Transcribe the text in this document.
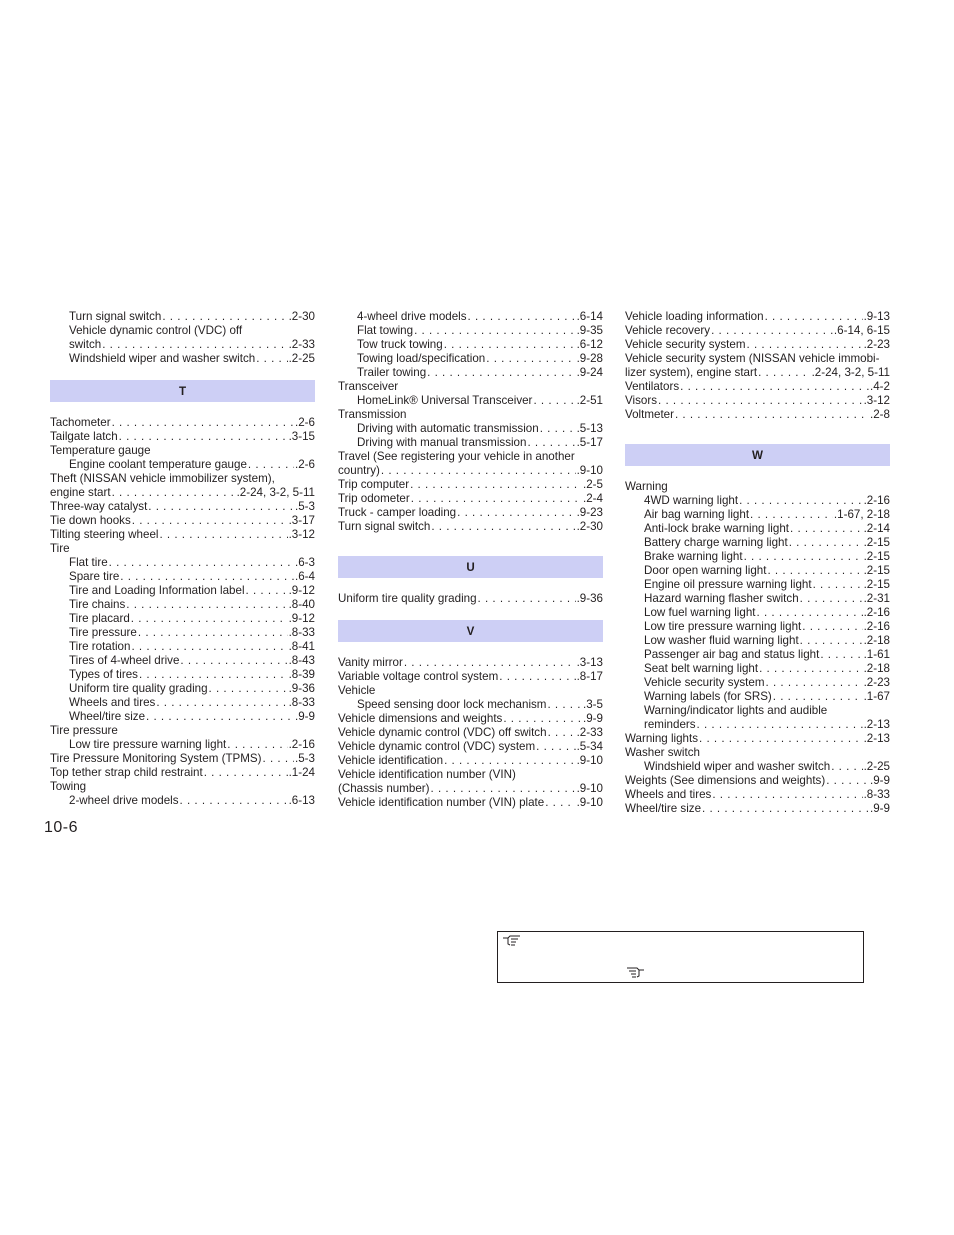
Turn signal switch . . .	.2-30
Vehicle dynamic control (VDC) off
switch . . .	.2-33
Windshield wiper and washer switch . . .	.2-25
T
Tachometer . . .	.2-6
Tailgate latch . . .	.3-15
Temperature gauge
Engine coolant temperature gauge . . .	.2-6
Theft (NISSAN vehicle immobilizer system),
engine start . . .	.2-24, 3-2, 5-11
Three-way catalyst . . .	.5-3
Tie down hooks . . .	.3-17
Tilting steering wheel . . .	.3-12
Tire
Flat tire . . .	.6-3
Spare tire . . .	.6-4
Tire and Loading Information label . . .	.9-12
Tire chains . . .	.8-40
Tire placard . . .	.9-12
Tire pressure . . .	.8-33
Tire rotation . . .	.8-41
Tires of 4-wheel drive . . .	.8-43
Types of tires . . .	.8-39
Uniform tire quality grading . . .	.9-36
Wheels and tires . . .	.8-33
Wheel/tire size . . .	.9-9
Tire pressure
Low tire pressure warning light . . .	.2-16
Tire Pressure Monitoring System (TPMS) . . .	.5-3
Top tether strap child restraint . . .	.1-24
Towing
2-wheel drive models . . .	.6-13
4-wheel drive models . . .	.6-14
Flat towing . . .	.9-35
Tow truck towing . . .	.6-12
Towing load/specification . . .	.9-28
Trailer towing . . .	.9-24
Transceiver
HomeLink® Universal Transceiver . . .	.2-51
Transmission
Driving with automatic transmission . . .	.5-13
Driving with manual transmission . . .	.5-17
Travel (See registering your vehicle in another
country) . . .	.9-10
Trip computer . . .	.2-5
Trip odometer . . .	.2-4
Truck - camper loading . . .	.9-23
Turn signal switch . . .	.2-30
U
Uniform tire quality grading . . .	.9-36
V
Vanity mirror . . .	.3-13
Variable voltage control system . . .	.8-17
Vehicle
Speed sensing door lock mechanism . . .	.3-5
Vehicle dimensions and weights . . .	.9-9
Vehicle dynamic control (VDC) off switch . . .	.2-33
Vehicle dynamic control (VDC) system . . .	.5-34
Vehicle identification . . .	.9-10
Vehicle identification number (VIN)
(Chassis number) . . .	.9-10
Vehicle identification number (VIN) plate . . .	.9-10
Vehicle loading information . . .	.9-13
Vehicle recovery . . .	.6-14, 6-15
Vehicle security system . . .	.2-23
Vehicle security system (NISSAN vehicle immobi-
lizer system), engine start . . .	.2-24, 3-2, 5-11
Ventilators . . .	.4-2
Visors . . .	.3-12
Voltmeter . . .	.2-8
W
Warning
4WD warning light . . .	.2-16
Air bag warning light . . .	.1-67, 2-18
Anti-lock brake warning light . . .	.2-14
Battery charge warning light . . .	.2-15
Brake warning light . . .	.2-15
Door open warning light . . .	.2-15
Engine oil pressure warning light . . .	.2-15
Hazard warning flasher switch . . .	.2-31
Low fuel warning light . . .	.2-16
Low tire pressure warning light . . .	.2-16
Low washer fluid warning light . . .	.2-18
Passenger air bag and status light . . .	.1-61
Seat belt warning light . . .	.2-18
Vehicle security system . . .	.2-23
Warning labels (for SRS) . . .	.1-67
Warning/indicator lights and audible
reminders . . .	.2-13
Warning lights . . .	.2-13
Washer switch
Windshield wiper and washer switch . . .	.2-25
Weights (See dimensions and weights) . . .	.9-9
Wheels and tires . . .	.8-33
Wheel/tire size . . .	.9-9
10-6
